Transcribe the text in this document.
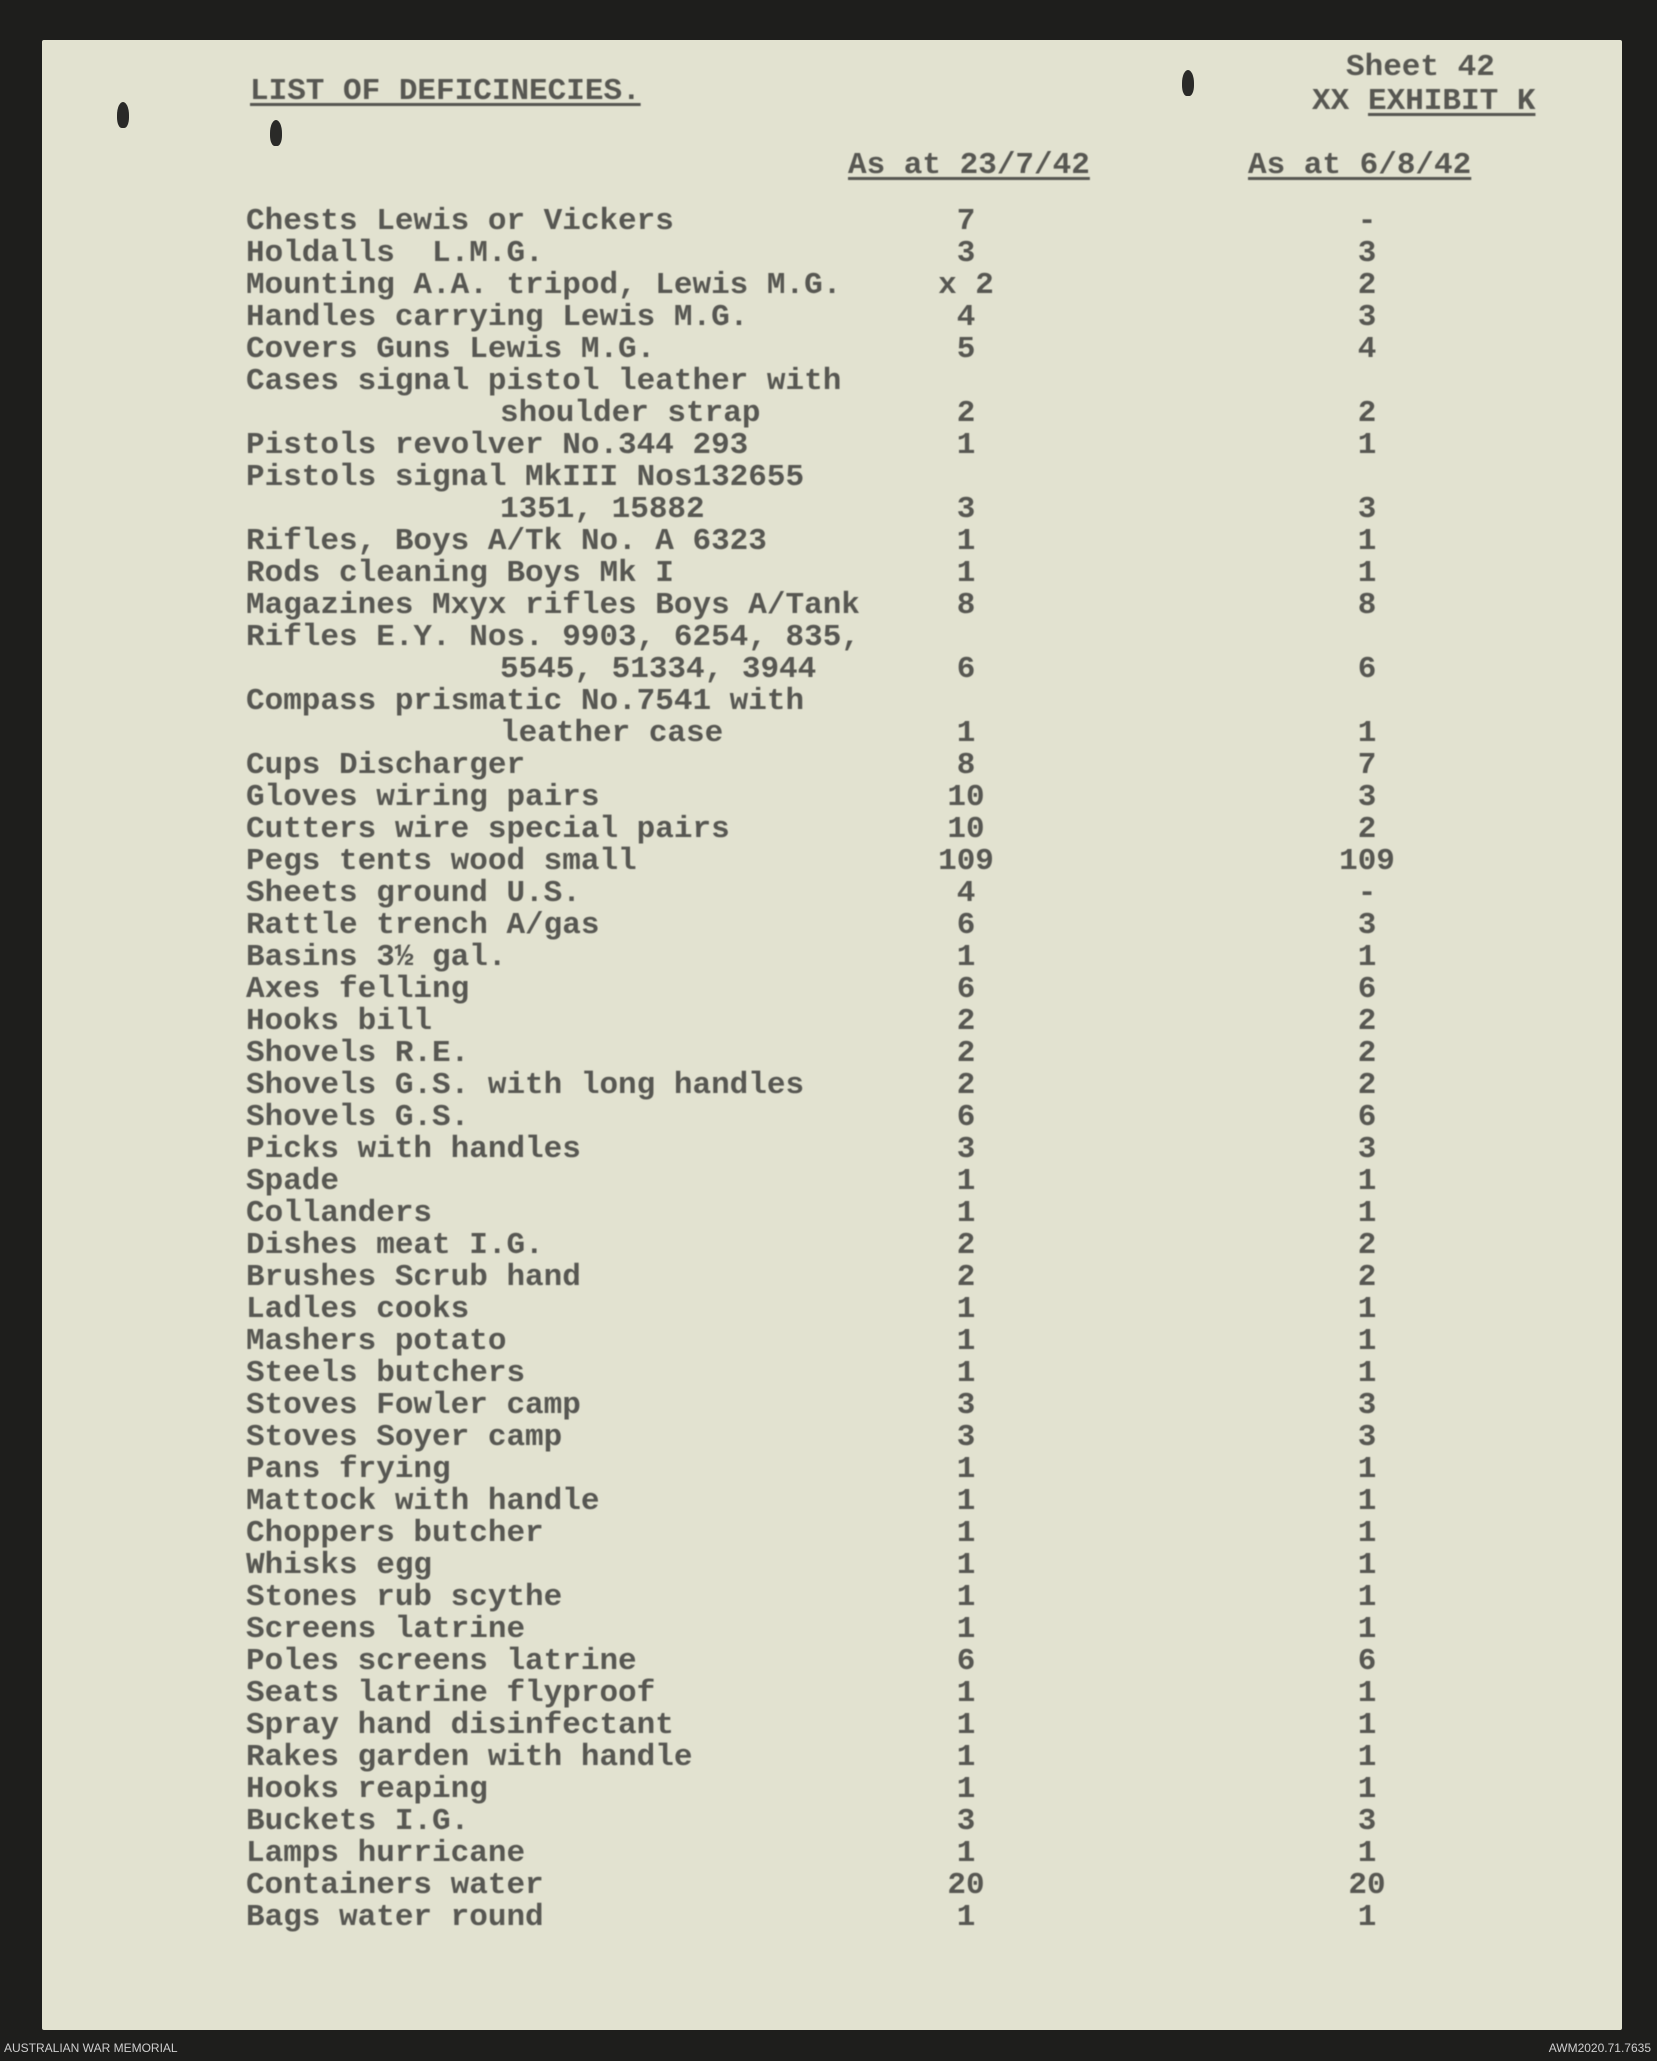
LIST OF DEFICINECIES.
Sheet 42
XX EXHIBIT K
As at 23/7/42	As at 6/8/42
Chests Lewis or Vickers	7	-
Holdalls  L.M.G.	3	3
Mounting A.A. tripod, Lewis M.G.	x 2	2
Handles carrying Lewis M.G.	4	3
Covers Guns Lewis M.G.	5	4
Cases signal pistol leather with
shoulder strap	2	2
Pistols revolver No.344 293	1	1
Pistols signal MkIII Nos132655
1351, 15882	3	3
Rifles, Boys A/Tk No. A 6323	1	1
Rods cleaning Boys Mk I	1	1
Magazines Mxyx rifles Boys A/Tank	8	8
Rifles E.Y. Nos. 9903, 6254, 835,
5545, 51334, 3944	6	6
Compass prismatic No.7541 with
leather case	1	1
Cups Discharger	8	7
Gloves wiring pairs	10	3
Cutters wire special pairs	10	2
Pegs tents wood small	109	109
Sheets ground U.S.	4	-
Rattle trench A/gas	6	3
Basins 3½ gal.	1	1
Axes felling	6	6
Hooks bill	2	2
Shovels R.E.	2	2
Shovels G.S. with long handles	2	2
Shovels G.S.	6	6
Picks with handles	3	3
Spade	1	1
Collanders	1	1
Dishes meat I.G.	2	2
Brushes Scrub hand	2	2
Ladles cooks	1	1
Mashers potato	1	1
Steels butchers	1	1
Stoves Fowler camp	3	3
Stoves Soyer camp	3	3
Pans frying	1	1
Mattock with handle	1	1
Choppers butcher	1	1
Whisks egg	1	1
Stones rub scythe	1	1
Screens latrine	1	1
Poles screens latrine	6	6
Seats latrine flyproof	1	1
Spray hand disinfectant	1	1
Rakes garden with handle	1	1
Hooks reaping	1	1
Buckets I.G.	3	3
Lamps hurricane	1	1
Containers water	20	20
Bags water round	1	1
AUSTRALIAN WAR MEMORIAL	AWM2020.71.7635
